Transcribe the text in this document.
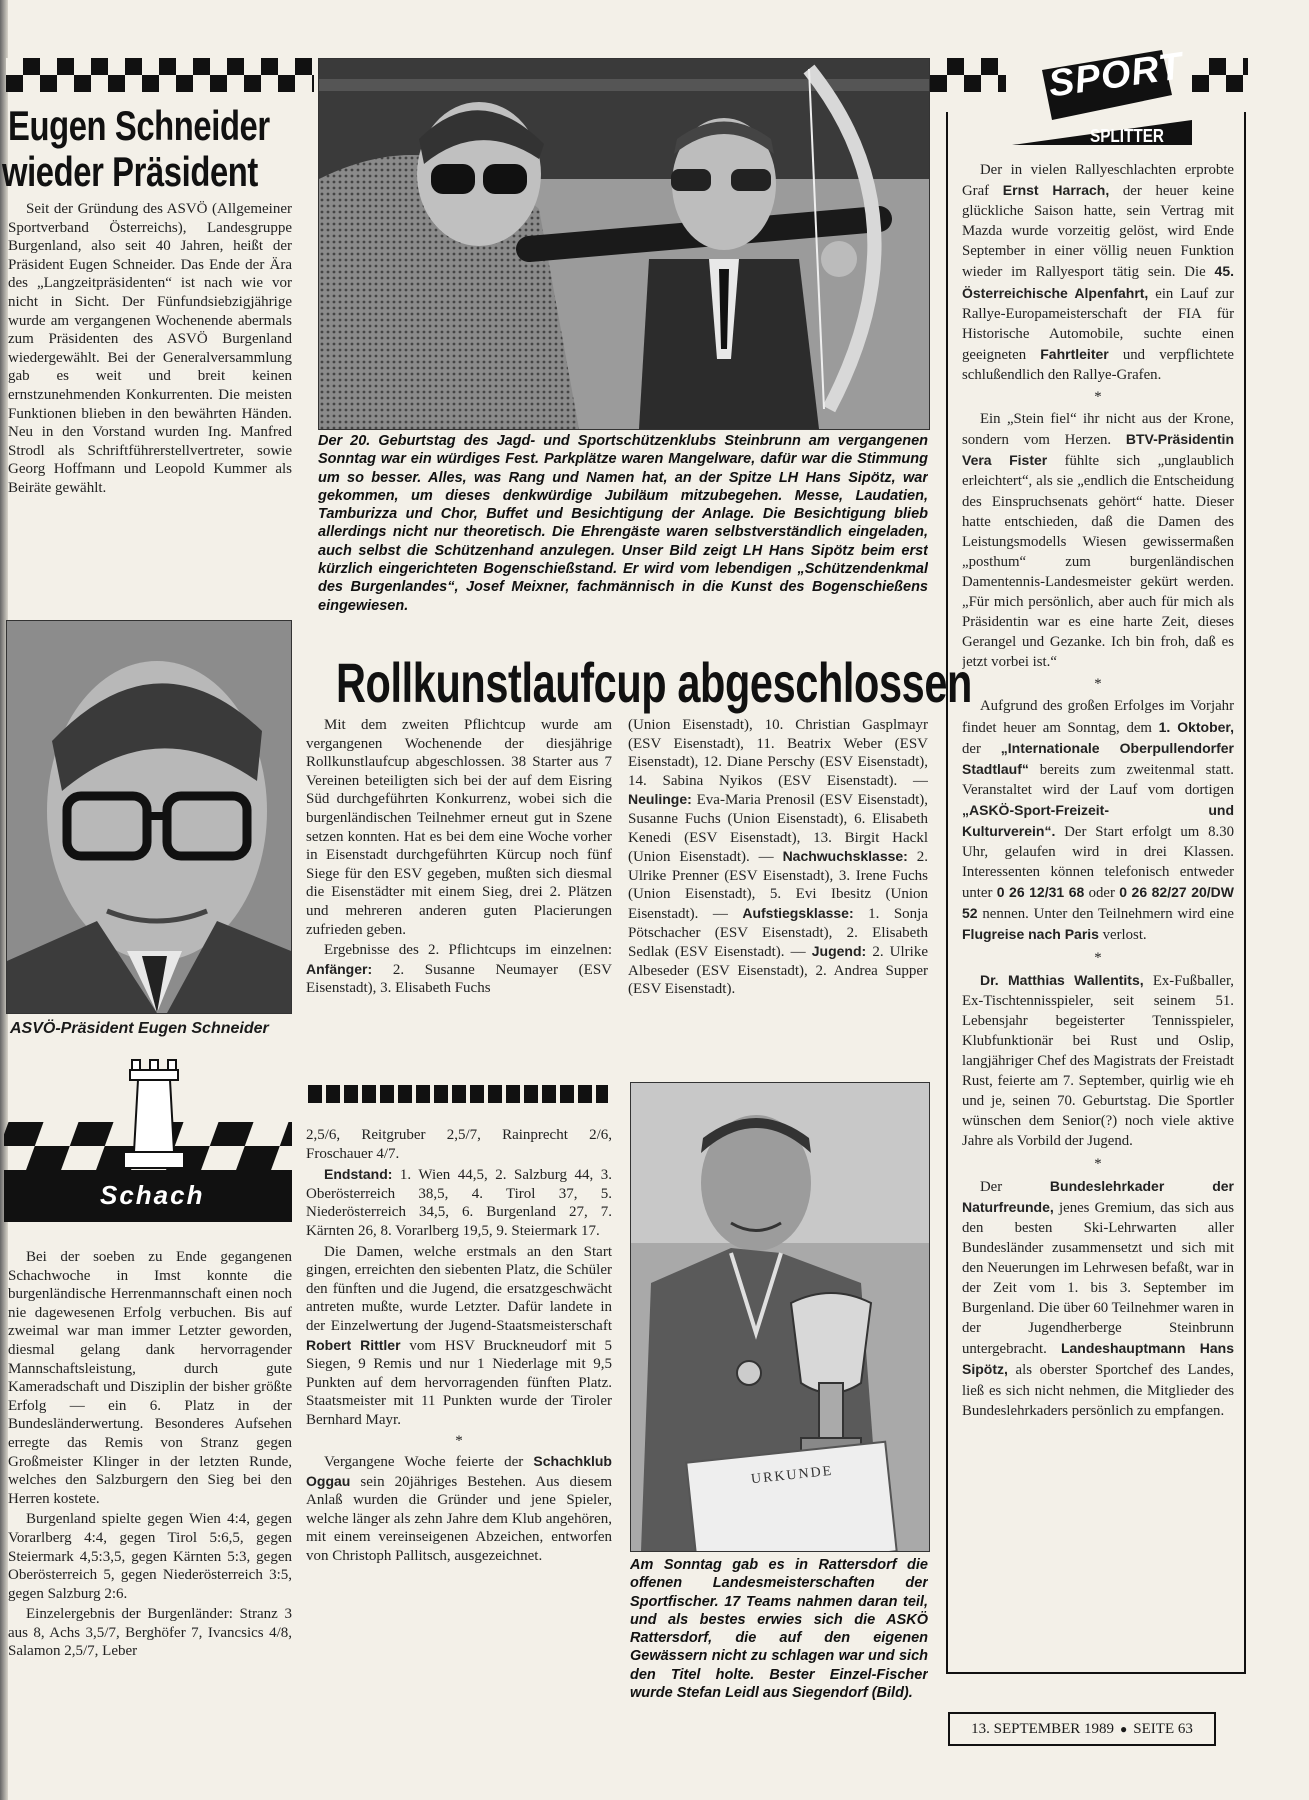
Eugen Schneider
wieder Präsident

Seit der Gründung des ASVÖ (Allgemeiner Sportverband Österreichs), Landesgruppe Burgenland, also seit 40 Jahren, heißt der Präsident Eugen Schneider. Das Ende der Ära des „Langzeitpräsidenten“ ist nach wie vor nicht in Sicht. Der Fünfundsiebzigjährige wurde am vergangenen Wochenende abermals zum Präsidenten des ASVÖ Burgenland wiedergewählt. Bei der Generalversammlung gab es weit und breit keinen ernstzunehmenden Konkurrenten. Die meisten Funktionen blieben in den bewährten Händen. Neu in den Vorstand wurden Ing. Manfred Strodl als Schriftführerstellvertreter, sowie Georg Hoffmann und Leopold Kummer als Beiräte gewählt.

ASVÖ-Präsident Eugen Schneider
Schach

Bei der soeben zu Ende gegangenen Schachwoche in Imst konnte die burgenländische Herrenmannschaft einen noch nie dagewesenen Erfolg verbuchen. Bis auf zweimal war man immer Letzter geworden, diesmal gelang dank hervorragender Mannschaftsleistung, durch gute Kameradschaft und Disziplin der bisher größte Erfolg — ein 6. Platz in der Bundesländerwertung. Besonderes Aufsehen erregte das Remis von Stranz gegen Großmeister Klinger in der letzten Runde, welches den Salzburgern den Sieg bei den Herren kostete.

Burgenland spielte gegen Wien 4:4, gegen Vorarlberg 4:4, gegen Tirol 5:6,5, gegen Steiermark 4,5:3,5, gegen Kärnten 5:3, gegen Oberösterreich 5, gegen Niederösterreich 3:5, gegen Salzburg 2:6.

Einzelergebnis der Burgenländer: Stranz 3 aus 8, Achs 3,5/7, Berghöfer 7, Ivancsics 4/8, Salamon 2,5/7, Leber

Der 20. Geburtstag des Jagd- und Sportschützenklubs Steinbrunn am vergangenen Sonntag war ein würdiges Fest. Parkplätze waren Mangelware, dafür war die Stimmung um so besser. Alles, was Rang und Namen hat, an der Spitze LH Hans Sipötz, war gekommen, um dieses denkwürdige Jubiläum mitzubegehen. Messe, Laudatien, Tamburizza und Chor, Buffet und Besichtigung der Anlage. Die Besichtigung blieb allerdings nicht nur theoretisch. Die Ehrengäste waren selbstverständlich eingeladen, auch selbst die Schützenhand anzulegen. Unser Bild zeigt LH Hans Sipötz beim erst kürzlich eingerichteten Bogenschießstand. Er wird vom lebendigen „Schützendenkmal des Burgenlandes“, Josef Meixner, fachmännisch in die Kunst des Bogenschießens eingewiesen.
Rollkunstlaufcup abgeschlossen

Mit dem zweiten Pflichtcup wurde am vergangenen Wochenende der diesjährige Rollkunstlaufcup abgeschlossen. 38 Starter aus 7 Vereinen beteiligten sich bei der auf dem Eisring Süd durchgeführten Konkurrenz, wobei sich die burgenländischen Teilnehmer erneut gut in Szene setzen konnten. Hat es bei dem eine Woche vorher in Eisenstadt durchgeführten Kürcup noch fünf Siege für den ESV gegeben, mußten sich diesmal die Eisenstädter mit einem Sieg, drei 2. Plätzen und mehreren anderen guten Placierungen zufrieden geben.

Ergebnisse des 2. Pflichtcups im einzelnen: Anfänger: 2. Susanne Neumayer (ESV Eisenstadt), 3. Elisabeth Fuchs

(Union Eisenstadt), 10. Christian Gasplmayr (ESV Eisenstadt), 11. Beatrix Weber (ESV Eisenstadt), 12. Diane Perschy (ESV Eisenstadt), 14. Sabina Nyikos (ESV Eisenstadt). — Neulinge: Eva-Maria Prenosil (ESV Eisenstadt), Susanne Fuchs (Union Eisenstadt), 6. Elisabeth Kenedi (ESV Eisenstadt), 13. Birgit Hackl (Union Eisenstadt). — Nachwuchsklasse: 2. Ulrike Prenner (ESV Eisenstadt), 3. Irene Fuchs (Union Eisenstadt), 5. Evi Ibesitz (Union Eisenstadt). — Aufstiegsklasse: 1. Sonja Pötschacher (ESV Eisenstadt), 2. Elisabeth Sedlak (ESV Eisenstadt). — Jugend: 2. Ulrike Albeseder (ESV Eisenstadt), 2. Andrea Supper (ESV Eisenstadt).

2,5/6, Reitgruber 2,5/7, Rainprecht 2/6, Froschauer 4/7.

Endstand: 1. Wien 44,5, 2. Salzburg 44, 3. Oberösterreich 38,5, 4. Tirol 37, 5. Niederösterreich 34,5, 6. Burgenland 27, 7. Kärnten 26, 8. Vorarlberg 19,5, 9. Steiermark 17.

Die Damen, welche erstmals an den Start gingen, erreichten den siebenten Platz, die Schüler den fünften und die Jugend, die ersatzgeschwächt antreten mußte, wurde Letzter. Dafür landete in der Einzelwertung der Jugend-Staatsmeisterschaft Robert Rittler vom HSV Bruckneudorf mit 5 Siegen, 9 Remis und nur 1 Niederlage mit 9,5 Punkten auf dem hervorragenden fünften Platz. Staatsmeister mit 11 Punkten wurde der Tiroler Bernhard Mayr.

*

Vergangene Woche feierte der Schachklub Oggau sein 20jähriges Bestehen. Aus diesem Anlaß wurden die Gründer und jene Spieler, welche länger als zehn Jahre dem Klub angehören, mit einem vereinseigenen Abzeichen, entworfen von Christoph Pallitsch, ausgezeichnet.

URKUNDE
Am Sonntag gab es in Rattersdorf die offenen Landesmeisterschaften der Sportfischer. 17 Teams nahmen daran teil, und als bestes erwies sich die ASKÖ Rattersdorf, die auf den eigenen Gewässern nicht zu schlagen war und sich den Titel holte. Bester Einzel-Fischer wurde Stefan Leidl aus Siegendorf (Bild).
SPORT
SPLITTER

Der in vielen Rallyeschlachten erprobte Graf Ernst Harrach, der heuer keine glückliche Saison hatte, sein Vertrag mit Mazda wurde vorzeitig gelöst, wird Ende September in einer völlig neuen Funktion wieder im Rallyesport tätig sein. Die 45. Österreichische Alpenfahrt, ein Lauf zur Rallye-Europameisterschaft der FIA für Historische Automobile, suchte einen geeigneten Fahrtleiter und verpflichtete schlußendlich den Rallye-Grafen.

*

Ein „Stein fiel“ ihr nicht aus der Krone, sondern vom Herzen. BTV-Präsidentin Vera Fister fühlte sich „unglaublich erleichtert“, als sie „endlich die Entscheidung des Einspruchsenats gehört“ hatte. Dieser hatte entschieden, daß die Damen des Leistungsmodells Wiesen gewissermaßen „posthum“ zum burgenländischen Damentennis-Landesmeister gekürt werden. „Für mich persönlich, aber auch für mich als Präsidentin war es eine harte Zeit, dieses Gerangel und Gezanke. Ich bin froh, daß es jetzt vorbei ist.“

*

Aufgrund des großen Erfolges im Vorjahr findet heuer am Sonntag, dem 1. Oktober, der „Internationale Oberpullendorfer Stadtlauf“ bereits zum zweitenmal statt. Veranstaltet wird der Lauf vom dortigen „ASKÖ-Sport-Freizeit- und Kulturverein“. Der Start erfolgt um 8.30 Uhr, gelaufen wird in drei Klassen. Interessenten können telefonisch entweder unter 0 26 12/31 68 oder 0 26 82/27 20/DW 52 nennen. Unter den Teilnehmern wird eine Flugreise nach Paris verlost.

*

Dr. Matthias Wallentits, Ex-Fußballer, Ex-Tischtennisspieler, seit seinem 51. Lebensjahr begeisterter Tennisspieler, Klubfunktionär bei Rust und Oslip, langjähriger Chef des Magistrats der Freistadt Rust, feierte am 7. September, quirlig wie eh und je, seinen 70. Geburtstag. Die Sportler wünschen dem Senior(?) noch viele aktive Jahre als Vorbild der Jugend.

*

Der Bundeslehrkader der Naturfreunde, jenes Gremium, das sich aus den besten Ski-Lehrwarten aller Bundesländer zusammensetzt und sich mit den Neuerungen im Lehrwesen befaßt, war in der Zeit vom 1. bis 3. September im Burgenland. Die über 60 Teilnehmer waren in der Jugendherberge Steinbrunn untergebracht. Landeshauptmann Hans Sipötz, als oberster Sportchef des Landes, ließ es sich nicht nehmen, die Mitglieder des Bundeslehrkaders persönlich zu empfangen.

13. SEPTEMBER 1989 ● SEITE 63
